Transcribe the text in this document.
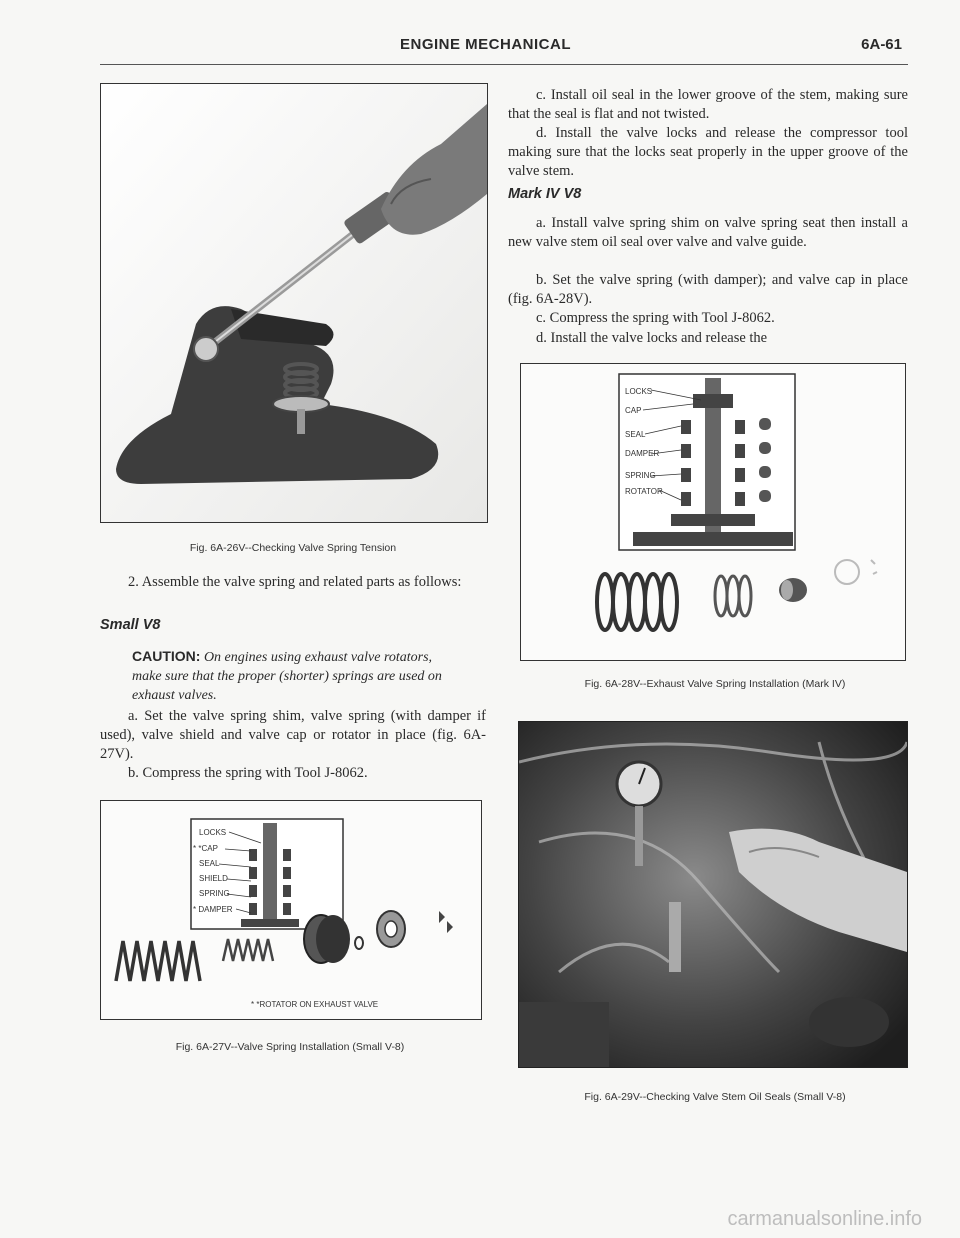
ENGINE MECHANICAL	6A-61
Fig. 6A-26V--Checking Valve Spring Tension
2. Assemble the valve spring and related parts as follows:
Small V8
CAUTION: On engines using exhaust valve rotators, make sure that the proper (shorter) springs are used on exhaust valves.
a. Set the valve spring shim, valve spring (with damper if used), valve shield and valve cap or rotator in place (fig. 6A-27V).
b. Compress the spring with Tool J-8062.
LOCKS
* *CAP
SEAL
SHIELD
SPRING
* DAMPER
* *ROTATOR ON EXHAUST VALVE
Fig. 6A-27V--Valve Spring Installation (Small V-8)
c. Install oil seal in the lower groove of the stem, making sure that the seal is flat and not twisted.
d. Install the valve locks and release the compressor tool making sure that the locks seat properly in the upper groove of the valve stem.
Mark IV V8
a. Install valve spring shim on valve spring seat then install a new valve stem oil seal over valve and valve guide.
b. Set the valve spring (with damper); and valve cap in place (fig. 6A-28V).
c. Compress the spring with Tool J-8062.
d. Install the valve locks and release the
LOCKS
CAP
SEAL
DAMPER
SPRING
ROTATOR
Fig. 6A-28V--Exhaust Valve Spring Installation (Mark IV)
Fig. 6A-29V--Checking Valve Stem Oil Seals (Small V-8)
carmanualsonline.info
